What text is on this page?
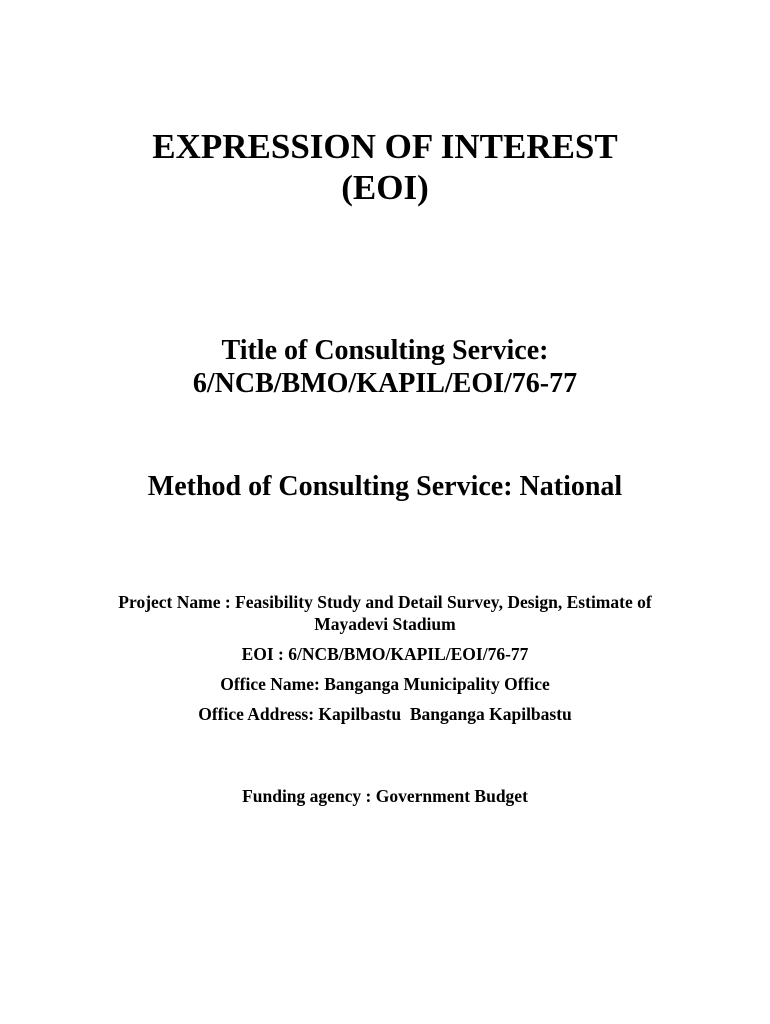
EXPRESSION OF INTEREST
(EOI)
Title of Consulting Service:
6/NCB/BMO/KAPIL/EOI/76-77
Method of Consulting Service: National
Project Name : Feasibility Study and Detail Survey, Design, Estimate of
Mayadevi Stadium
EOI : 6/NCB/BMO/KAPIL/EOI/76-77
Office Name: Banganga Municipality Office
Office Address: Kapilbastu  Banganga Kapilbastu
Funding agency : Government Budget
